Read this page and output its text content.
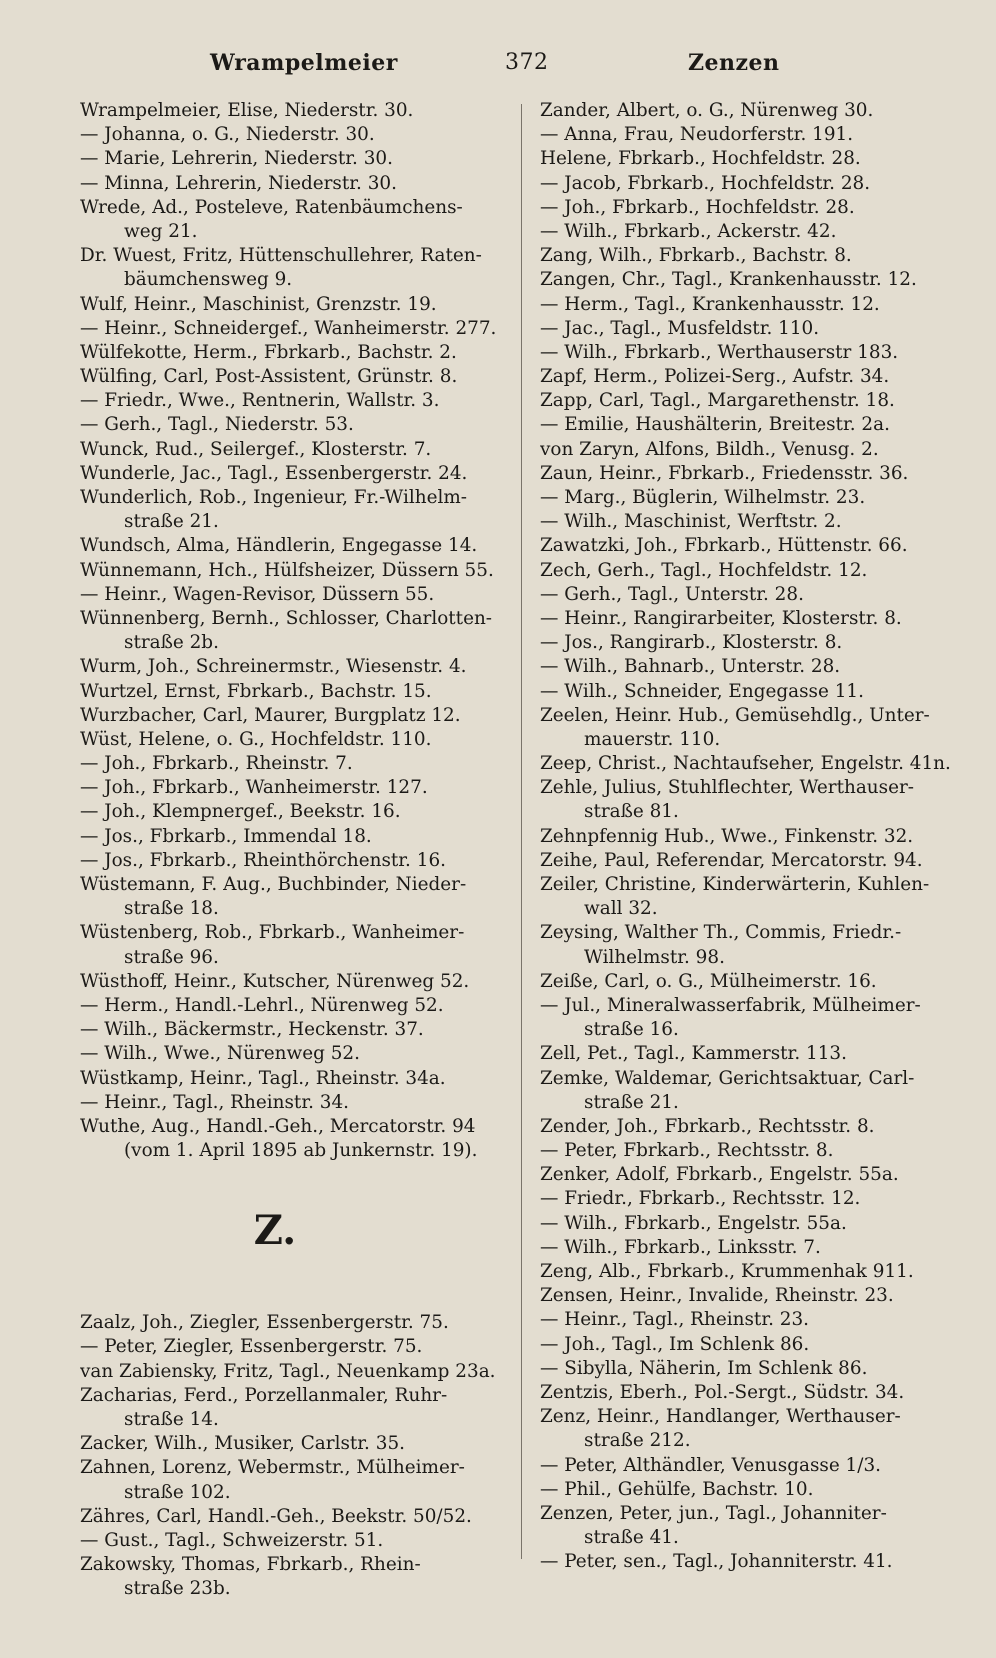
Wrampelmeier	372	Zenzen
Wrampelmeier, Elise, Niederstr. 30.
— Johanna, o. G., Niederstr. 30.
— Marie, Lehrerin, Niederstr. 30.
— Minna, Lehrerin, Niederstr. 30.
Wrede, Ad., Posteleve, Ratenbäumchens-
weg 21.
Dr. Wuest, Fritz, Hüttenschullehrer, Raten-
bäumchensweg 9.
Wulf, Heinr., Maschinist, Grenzstr. 19.
— Heinr., Schneidergef., Wanheimerstr. 277.
Wülfekotte, Herm., Fbrkarb., Bachstr. 2.
Wülfing, Carl, Post-Assistent, Grünstr. 8.
— Friedr., Wwe., Rentnerin, Wallstr. 3.
— Gerh., Tagl., Niederstr. 53.
Wunck, Rud., Seilergef., Klosterstr. 7.
Wunderle, Jac., Tagl., Essenbergerstr. 24.
Wunderlich, Rob., Ingenieur, Fr.-Wilhelm-
straße 21.
Wundsch, Alma, Händlerin, Engegasse 14.
Wünnemann, Hch., Hülfsheizer, Düssern 55.
— Heinr., Wagen-Revisor, Düssern 55.
Wünnenberg, Bernh., Schlosser, Charlotten-
straße 2b.
Wurm, Joh., Schreinermstr., Wiesenstr. 4.
Wurtzel, Ernst, Fbrkarb., Bachstr. 15.
Wurzbacher, Carl, Maurer, Burgplatz 12.
Wüst, Helene, o. G., Hochfeldstr. 110.
— Joh., Fbrkarb., Rheinstr. 7.
— Joh., Fbrkarb., Wanheimerstr. 127.
— Joh., Klempnergef., Beekstr. 16.
— Jos., Fbrkarb., Immendal 18.
— Jos., Fbrkarb., Rheinthörchenstr. 16.
Wüstemann, F. Aug., Buchbinder, Nieder-
straße 18.
Wüstenberg, Rob., Fbrkarb., Wanheimer-
straße 96.
Wüsthoff, Heinr., Kutscher, Nürenweg 52.
— Herm., Handl.-Lehrl., Nürenweg 52.
— Wilh., Bäckermstr., Heckenstr. 37.
— Wilh., Wwe., Nürenweg 52.
Wüstkamp, Heinr., Tagl., Rheinstr. 34a.
— Heinr., Tagl., Rheinstr. 34.
Wuthe, Aug., Handl.-Geh., Mercatorstr. 94
(vom 1. April 1895 ab Junkernstr. 19).
Z.
Zaalz, Joh., Ziegler, Essenbergerstr. 75.
— Peter, Ziegler, Essenbergerstr. 75.
van Zabiensky, Fritz, Tagl., Neuenkamp 23a.
Zacharias, Ferd., Porzellanmaler, Ruhr-
straße 14.
Zacker, Wilh., Musiker, Carlstr. 35.
Zahnen, Lorenz, Webermstr., Mülheimer-
straße 102.
Zähres, Carl, Handl.-Geh., Beekstr. 50/52.
— Gust., Tagl., Schweizerstr. 51.
Zakowsky, Thomas, Fbrkarb., Rhein-
straße 23b.
Zander, Albert, o. G., Nürenweg 30.
— Anna, Frau, Neudorferstr. 191.
Helene, Fbrkarb., Hochfeldstr. 28.
— Jacob, Fbrkarb., Hochfeldstr. 28.
— Joh., Fbrkarb., Hochfeldstr. 28.
— Wilh., Fbrkarb., Ackerstr. 42.
Zang, Wilh., Fbrkarb., Bachstr. 8.
Zangen, Chr., Tagl., Krankenhausstr. 12.
— Herm., Tagl., Krankenhausstr. 12.
— Jac., Tagl., Musfeldstr. 110.
— Wilh., Fbrkarb., Werthauserstr 183.
Zapf, Herm., Polizei-Serg., Aufstr. 34.
Zapp, Carl, Tagl., Margarethenstr. 18.
— Emilie, Haushälterin, Breitestr. 2a.
von Zaryn, Alfons, Bildh., Venusg. 2.
Zaun, Heinr., Fbrkarb., Friedensstr. 36.
— Marg., Büglerin, Wilhelmstr. 23.
— Wilh., Maschinist, Werftstr. 2.
Zawatzki, Joh., Fbrkarb., Hüttenstr. 66.
Zech, Gerh., Tagl., Hochfeldstr. 12.
— Gerh., Tagl., Unterstr. 28.
— Heinr., Rangirarbeiter, Klosterstr. 8.
— Jos., Rangirarb., Klosterstr. 8.
— Wilh., Bahnarb., Unterstr. 28.
— Wilh., Schneider, Engegasse 11.
Zeelen, Heinr. Hub., Gemüsehdlg., Unter-
mauerstr. 110.
Zeep, Christ., Nachtaufseher, Engelstr. 41n.
Zehle, Julius, Stuhlflechter, Werthauser-
straße 81.
Zehnpfennig Hub., Wwe., Finkenstr. 32.
Zeihe, Paul, Referendar, Mercatorstr. 94.
Zeiler, Christine, Kinderwärterin, Kuhlen-
wall 32.
Zeysing, Walther Th., Commis, Friedr.-
Wilhelmstr. 98.
Zeiße, Carl, o. G., Mülheimerstr. 16.
— Jul., Mineralwasserfabrik, Mülheimer-
straße 16.
Zell, Pet., Tagl., Kammerstr. 113.
Zemke, Waldemar, Gerichtsaktuar, Carl-
straße 21.
Zender, Joh., Fbrkarb., Rechtsstr. 8.
— Peter, Fbrkarb., Rechtsstr. 8.
Zenker, Adolf, Fbrkarb., Engelstr. 55a.
— Friedr., Fbrkarb., Rechtsstr. 12.
— Wilh., Fbrkarb., Engelstr. 55a.
— Wilh., Fbrkarb., Linksstr. 7.
Zeng, Alb., Fbrkarb., Krummenhak 911.
Zensen, Heinr., Invalide, Rheinstr. 23.
— Heinr., Tagl., Rheinstr. 23.
— Joh., Tagl., Im Schlenk 86.
— Sibylla, Näherin, Im Schlenk 86.
Zentzis, Eberh., Pol.-Sergt., Südstr. 34.
Zenz, Heinr., Handlanger, Werthauser-
straße 212.
— Peter, Althändler, Venusgasse 1/3.
— Phil., Gehülfe, Bachstr. 10.
Zenzen, Peter, jun., Tagl., Johanniter-
straße 41.
— Peter, sen., Tagl., Johanniterstr. 41.
